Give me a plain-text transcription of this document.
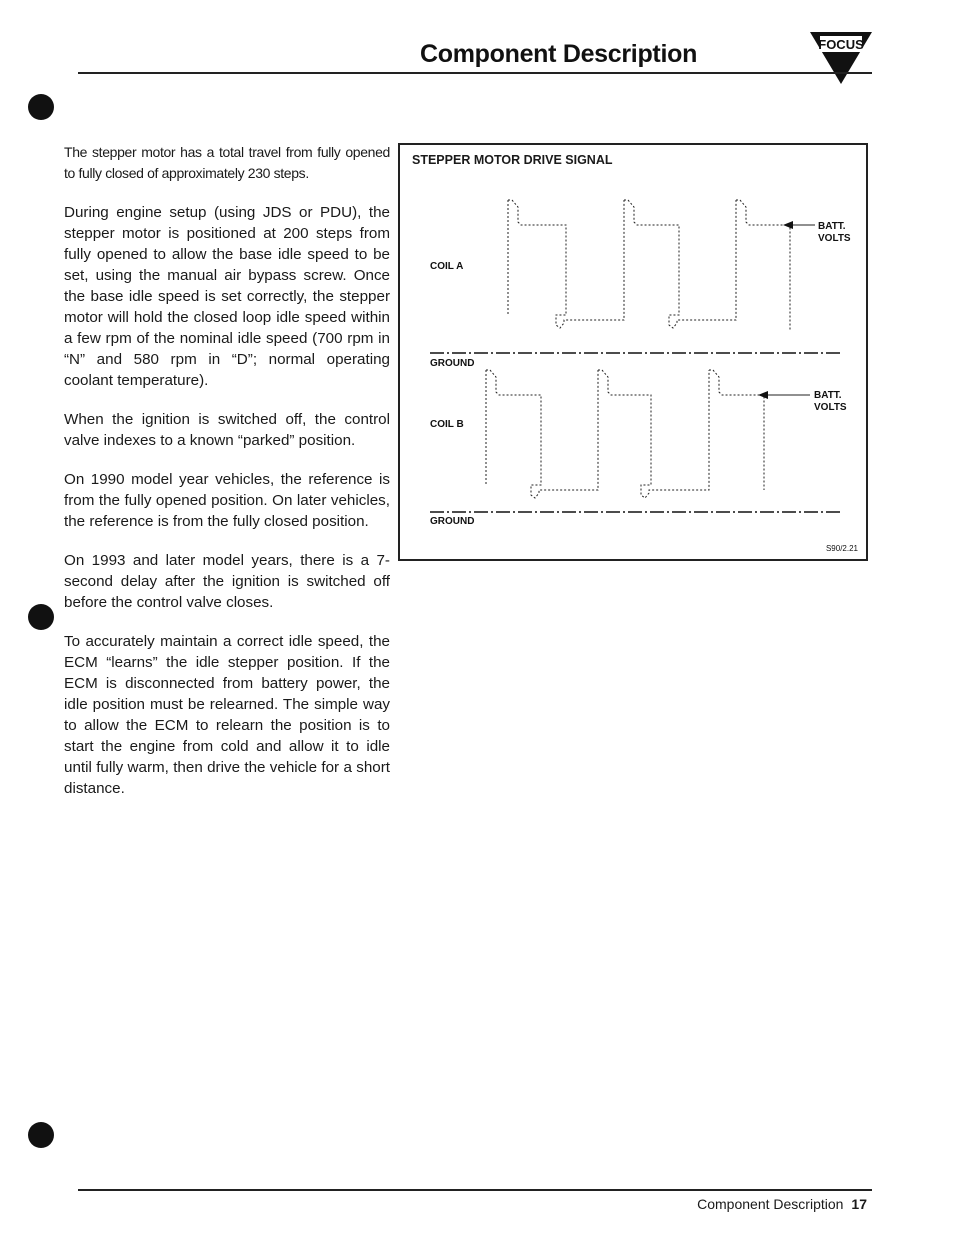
Component Description	FOCUS

The stepper motor has a total travel from fully opened to fully closed of approximately 230 steps.

During engine setup (using JDS or PDU), the stepper motor is positioned at 200 steps from fully opened to allow the base idle speed to be set, using the manual air bypass screw. Once the base idle speed is set correctly, the stepper motor will hold the closed loop idle speed within a few rpm of the nominal idle speed (700 rpm in “N” and 580 rpm in “D”; normal operating coolant temperature).

When the ignition is switched off, the control valve indexes to a known “parked” position.

On 1990 model year vehicles, the reference is from the fully opened position. On later vehicles, the reference is from the fully closed position.

On 1993 and later model years, there is a 7-second delay after the ignition is switched off before the control valve closes.

To accurately maintain a correct idle speed, the ECM “learns” the idle stepper position. If the ECM is disconnected from battery power, the idle position must be relearned. The simple way to allow the ECM to relearn the position is to start the engine from cold and allow it to idle until fully warm, then drive the vehicle for a short distance.

STEPPER MOTOR DRIVE SIGNAL
COIL A
GROUND
COIL B
GROUND
BATT.
VOLTS
BATT.
VOLTS
S90/2.21
Component Description 17
